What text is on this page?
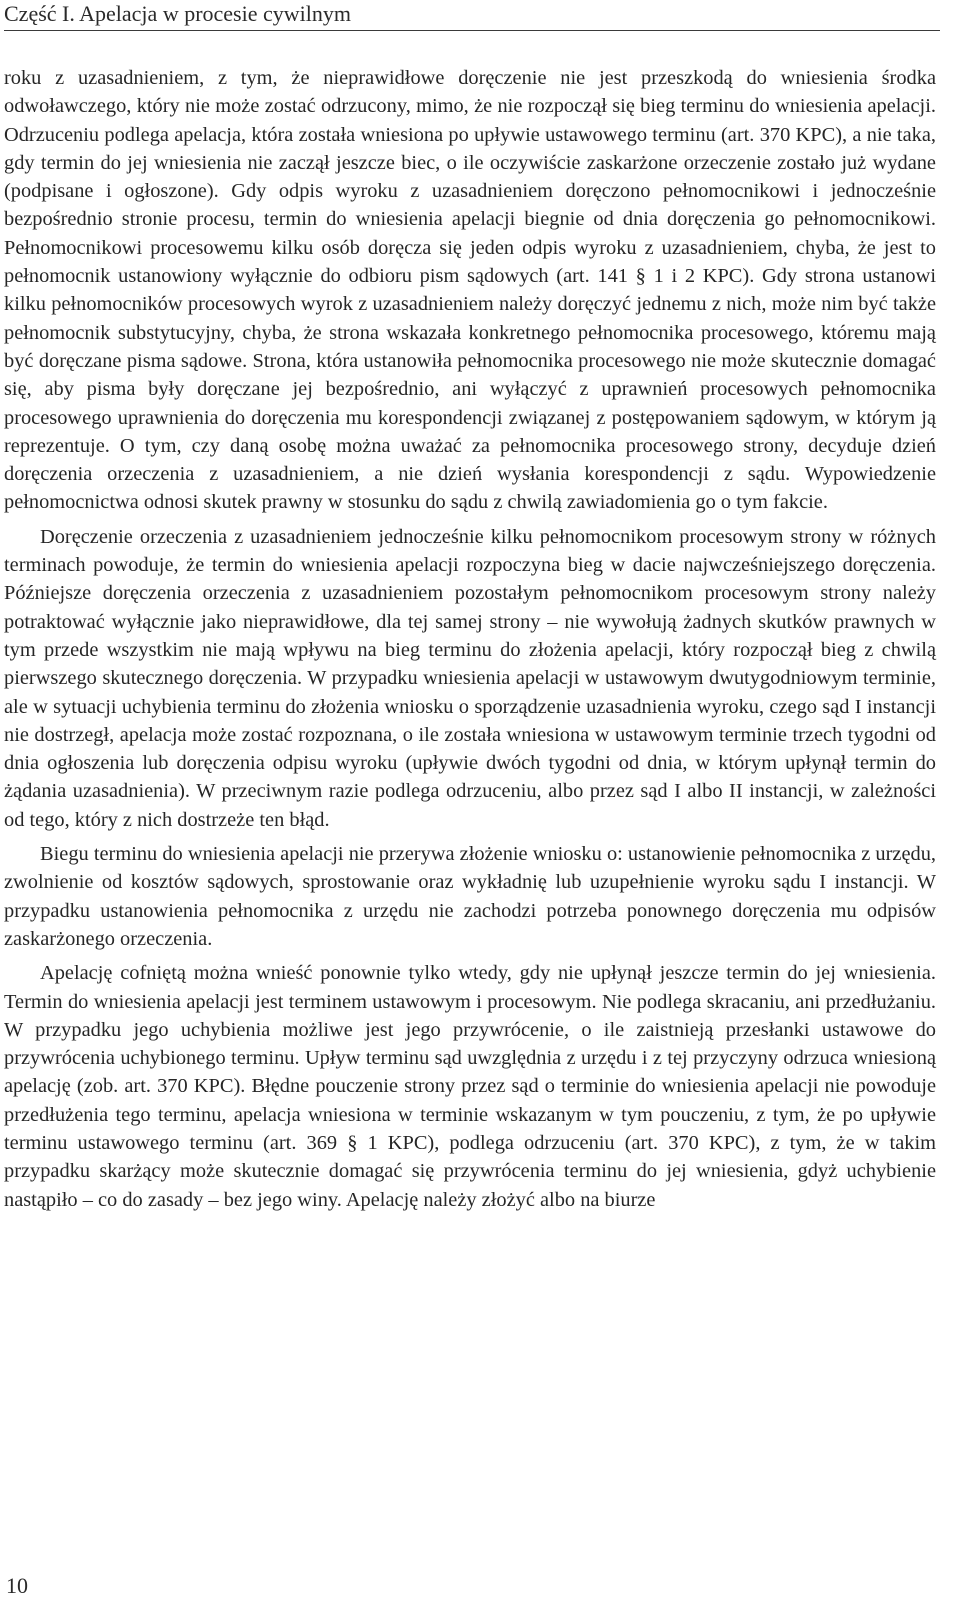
Część I. Apelacja w procesie cywilnym

roku z uzasadnieniem, z tym, że nieprawidłowe doręczenie nie jest przeszkodą do wniesienia środka odwoławczego, który nie może zostać odrzucony, mimo, że nie rozpoczął się bieg terminu do wniesienia apelacji. Odrzuceniu podlega apelacja, która została wniesiona po upływie ustawowego terminu (art. 370 KPC), a nie taka, gdy termin do jej wniesienia nie zaczął jeszcze biec, o ile oczywiście zaskarżone orzeczenie zostało już wydane (podpisane i ogłoszone). Gdy odpis wyroku z uzasadnieniem doręczono pełnomocnikowi i jednocześnie bezpośrednio stronie procesu, termin do wniesienia apelacji biegnie od dnia doręczenia go pełnomocnikowi. Pełnomocnikowi procesowemu kilku osób doręcza się jeden odpis wyroku z uzasadnieniem, chyba, że jest to pełnomocnik ustanowiony wyłącznie do odbioru pism sądowych (art. 141 § 1 i 2 KPC). Gdy strona ustanowi kilku pełnomocników procesowych wyrok z uzasadnieniem należy doręczyć jednemu z nich, może nim być także pełnomocnik substytucyjny, chyba, że strona wskazała konkretnego pełnomocnika procesowego, któremu mają być doręczane pisma sądowe. Strona, która ustanowiła pełnomocnika procesowego nie może skutecznie domagać się, aby pisma były doręczane jej bezpośrednio, ani wyłączyć z uprawnień procesowych pełnomocnika procesowego uprawnienia do doręczenia mu korespondencji związanej z postępowaniem sądowym, w którym ją reprezentuje. O tym, czy daną osobę można uważać za pełnomocnika procesowego strony, decyduje dzień doręczenia orzeczenia z uzasadnieniem, a nie dzień wysłania korespondencji z sądu. Wypowiedzenie pełnomocnictwa odnosi skutek prawny w stosunku do sądu z chwilą zawiadomienia go o tym fakcie.

Doręczenie orzeczenia z uzasadnieniem jednocześnie kilku pełnomocnikom procesowym strony w różnych terminach powoduje, że termin do wniesienia apelacji rozpoczyna bieg w dacie najwcześniejszego doręczenia. Późniejsze doręczenia orzeczenia z uzasadnieniem pozostałym pełnomocnikom procesowym strony należy potraktować wyłącznie jako nieprawidłowe, dla tej samej strony – nie wywołują żadnych skutków prawnych w tym przede wszystkim nie mają wpływu na bieg terminu do złożenia apelacji, który rozpoczął bieg z chwilą pierwszego skutecznego doręczenia. W przypadku wniesienia apelacji w ustawowym dwutygodniowym terminie, ale w sytuacji uchybienia terminu do złożenia wniosku o sporządzenie uzasadnienia wyroku, czego sąd I instancji nie dostrzegł, apelacja może zostać rozpoznana, o ile została wniesiona w ustawowym terminie trzech tygodni od dnia ogłoszenia lub doręczenia odpisu wyroku (upływie dwóch tygodni od dnia, w którym upłynął termin do żądania uzasadnienia). W przeciwnym razie podlega odrzuceniu, albo przez sąd I albo II instancji, w zależności od tego, który z nich dostrzeże ten błąd.

Biegu terminu do wniesienia apelacji nie przerywa złożenie wniosku o: ustanowienie pełnomocnika z urzędu, zwolnienie od kosztów sądowych, sprostowanie oraz wykładnię lub uzupełnienie wyroku sądu I instancji. W przypadku ustanowienia pełnomocnika z urzędu nie zachodzi potrzeba ponownego doręczenia mu odpisów zaskarżonego orzeczenia.

Apelację cofniętą można wnieść ponownie tylko wtedy, gdy nie upłynął jeszcze termin do jej wniesienia. Termin do wniesienia apelacji jest terminem ustawowym i procesowym. Nie podlega skracaniu, ani przedłużaniu. W przypadku jego uchybienia możliwe jest jego przywrócenie, o ile zaistnieją przesłanki ustawowe do przywrócenia uchybionego terminu. Upływ terminu sąd uwzględnia z urzędu i z tej przyczyny odrzuca wniesioną apelację (zob. art. 370 KPC). Błędne pouczenie strony przez sąd o terminie do wniesienia apelacji nie powoduje przedłużenia tego terminu, apelacja wniesiona w terminie wskazanym w tym pouczeniu, z tym, że po upływie terminu ustawowego terminu (art. 369 § 1 KPC), podlega odrzuceniu (art. 370 KPC), z tym, że w takim przypadku skarżący może skutecznie domagać się przywrócenia terminu do jej wniesienia, gdyż uchybienie nastąpiło – co do zasady – bez jego winy. Apelację należy złożyć albo na biurze

10
